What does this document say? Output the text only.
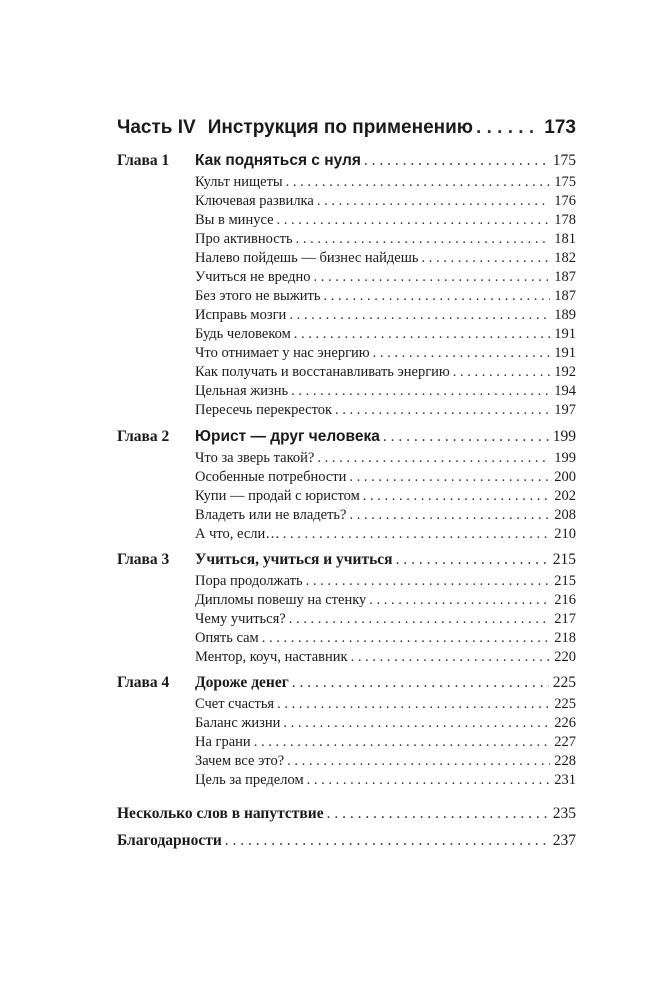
Часть IV Инструкция по применению . . .	173
Глава 1 Как подняться с нуля . . .	175
Культ нищеты . . .	175
Ключевая развилка . . .	176
Вы в минусе . . .	178
Про активность . . .	181
Налево пойдешь — бизнес найдешь . . .	182
Учиться не вредно . . .	187
Без этого не выжить . . .	187
Исправь мозги . . .	189
Будь человеком . . .	191
Что отнимает у нас энергию . . .	191
Как получать и восстанавливать энергию . . .	192
Цельная жизнь . . .	194
Пересечь перекресток . . .	197
Глава 2 Юрист — друг человека . . .	199
Что за зверь такой? . . .	199
Особенные потребности . . .	200
Купи — продай с юристом . . .	202
Владеть или не владеть? . . .	208
А что, если… . . .	210
Глава 3 Учиться, учиться и учиться . . .	215
Пора продолжать . . .	215
Дипломы повешу на стенку . . .	216
Чему учиться? . . .	217
Опять сам . . .	218
Ментор, коуч, наставник . . .	220
Глава 4 Дороже денег . . .	225
Счет счастья . . .	225
Баланс жизни . . .	226
На грани . . .	227
Зачем все это? . . .	228
Цель за пределом . . .	231
Несколько слов в напутствие . . .	235
Благодарности . . .	237
